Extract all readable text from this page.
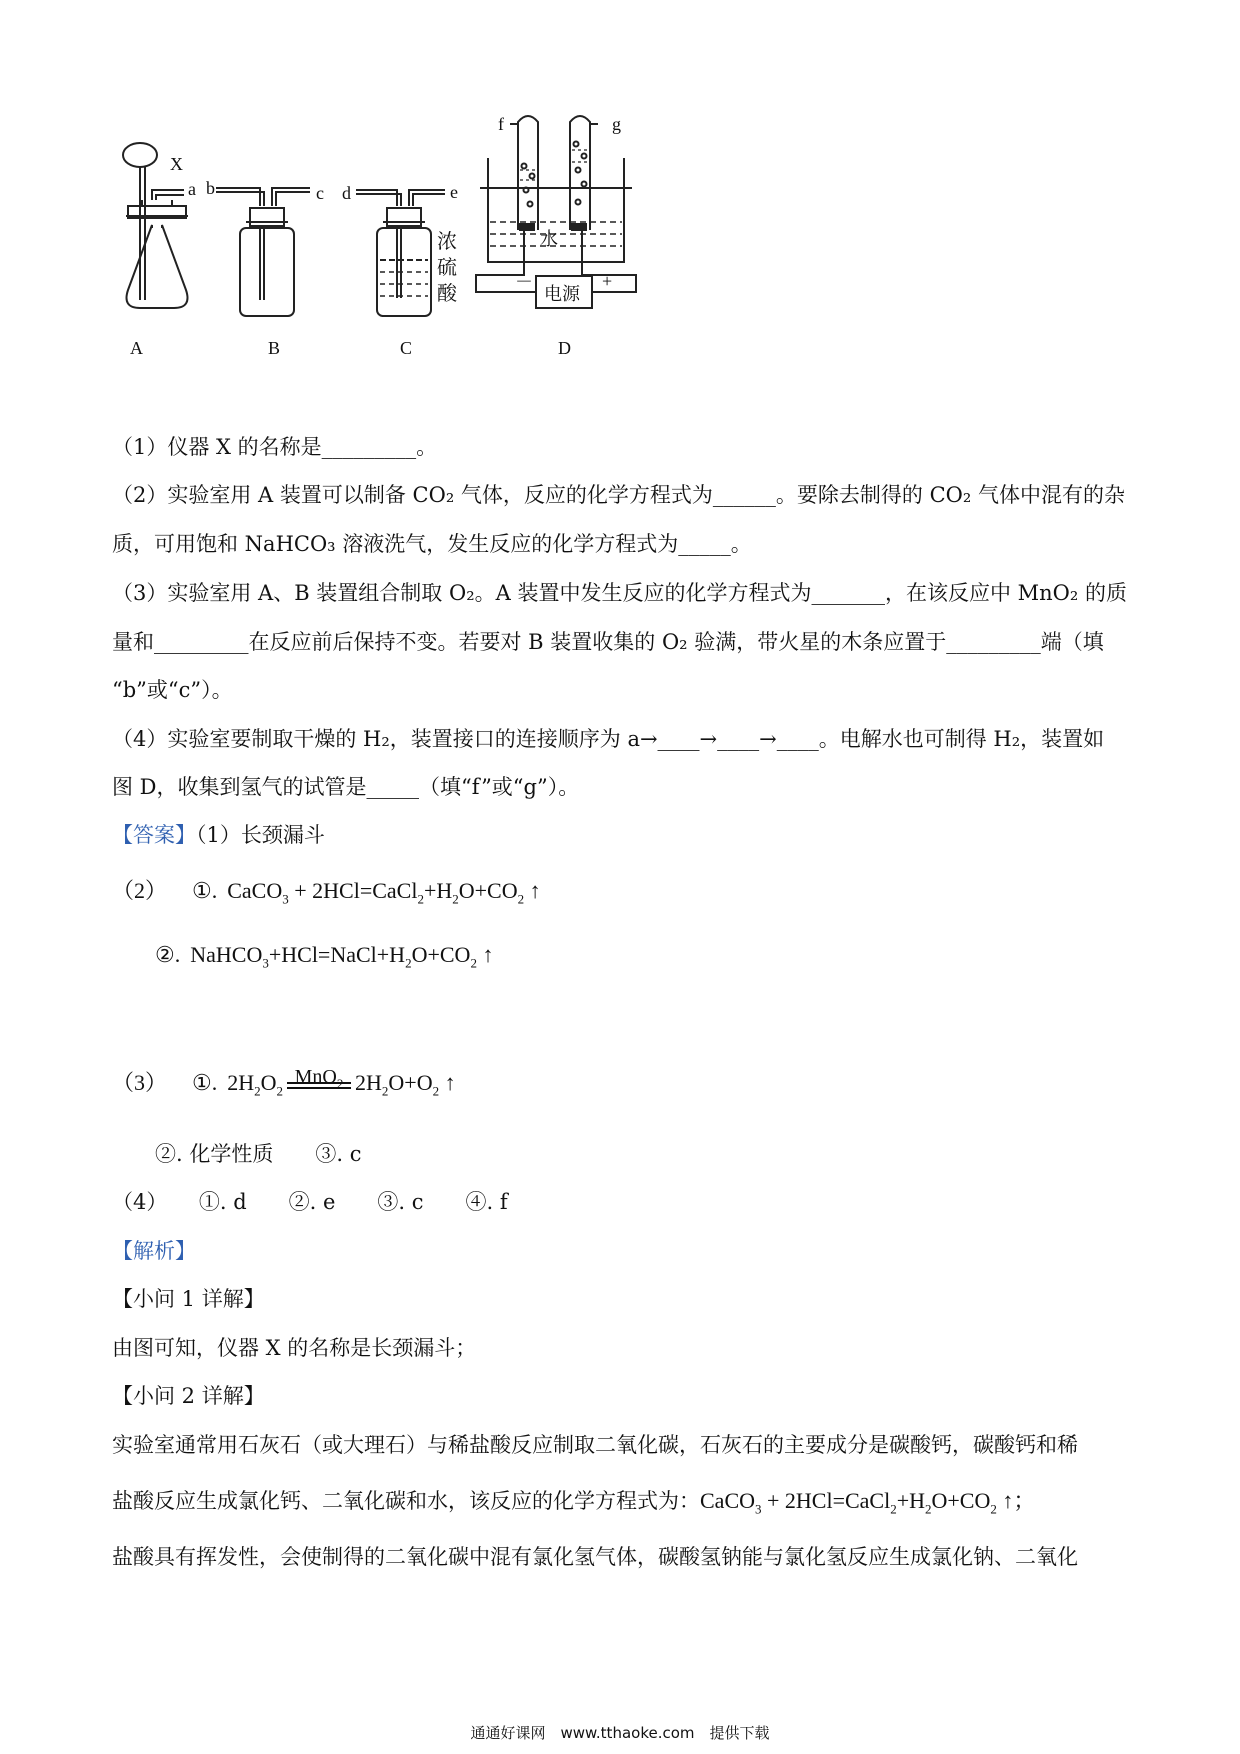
X
a b	c d	e
f	g
水
电源
－	+
浓
硫
酸
A	B	C	D
（1）仪器 X 的名称是_________。
（2）实验室用 A 装置可以制备 CO₂ 气体，反应的化学方程式为______。要除去制得的 CO₂ 气体中混有的杂
质，可用饱和 NaHCO₃ 溶液洗气，发生反应的化学方程式为_____。
（3）实验室用 A、B 装置组合制取 O₂。A 装置中发生反应的化学方程式为_______，在该反应中 MnO₂ 的质
量和_________在反应前后保持不变。若要对 B 装置收集的 O₂ 验满，带火星的木条应置于_________端（填
“b”或“c”）。
（4）实验室要制取干燥的 H₂，装置接口的连接顺序为 a→____→____→____。电解水也可制得 H₂，装置如
图 D，收集到氢气的试管是_____（填“f”或“g”）。
【答案】（1）长颈漏斗
（2） ①. CaCO$_3$ + $2HCl=CaCl_2+H_2O+CO_2$ ↑
②. $NaHCO_3+HCl=NaCl+H_2O+CO_2$ ↑
（3） ①. $2H_2O_2$
MnO$_2$ $2H_2O+O_2$ ↑
②. 化学性质　　 ③. c
（4）　　①. d　　②. e　　③. c　　④. f
【解析】
【小问 1 详解】
由图可知，仪器 X 的名称是长颈漏斗；
【小问 2 详解】
实验室通常用石灰石（或大理石）与稀盐酸反应制取二氧化碳，石灰石的主要成分是碳酸钙，碳酸钙和稀
盐酸反应生成氯化钙、二氧化碳和水，该反应的化学方程式为：CaCO$_3$ + $2HCl=CaCl_2+H_2O+CO_2$ ↑；
盐酸具有挥发性，会使制得的二氧化碳中混有氯化氢气体，碳酸氢钠能与氯化氢反应生成氯化钠、二氧化
通通好课网　www.tthaoke.com　提供下载
